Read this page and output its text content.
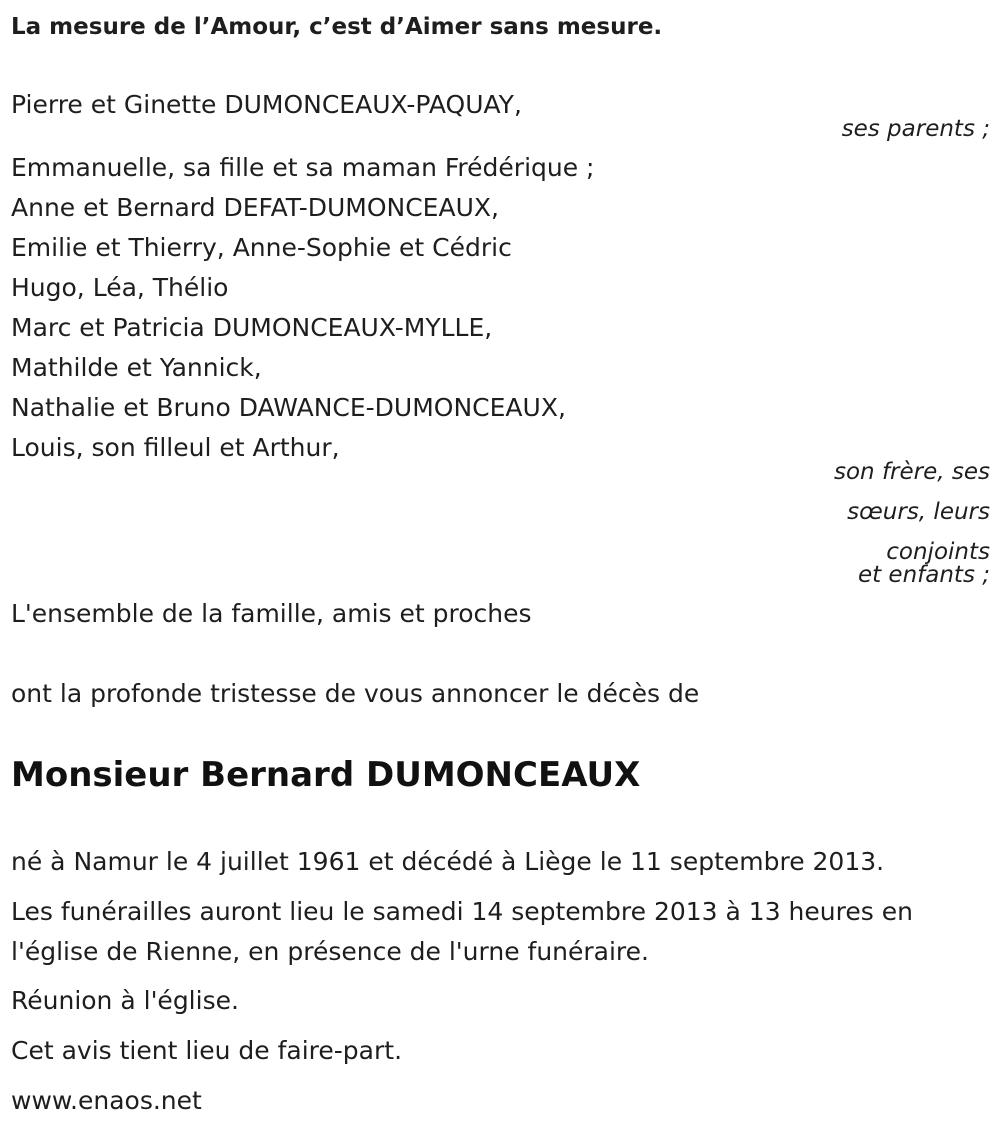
La mesure de l’Amour, c’est d’Aimer sans mesure.
Pierre et Ginette DUMONCEAUX-PAQUAY,
ses parents ;
Emmanuelle, sa fille et sa maman Frédérique ;
Anne et Bernard DEFAT-DUMONCEAUX,
Emilie et Thierry, Anne-Sophie et Cédric
Hugo, Léa, Thélio
Marc et Patricia DUMONCEAUX-MYLLE,
Mathilde et Yannick,
Nathalie et Bruno DAWANCE-DUMONCEAUX,
Louis, son filleul et Arthur,
son frère, ses
sœurs, leurs
conjoints
et enfants ;
L'ensemble de la famille, amis et proches
ont la profonde tristesse de vous annoncer le décès de
Monsieur Bernard DUMONCEAUX
né à Namur le 4 juillet 1961 et décédé à Liège le 11 septembre 2013.
Les funérailles auront lieu le samedi 14 septembre 2013 à 13 heures en
l'église de Rienne, en présence de l'urne funéraire.
Réunion à l'église.
Cet avis tient lieu de faire-part.
www.enaos.net
